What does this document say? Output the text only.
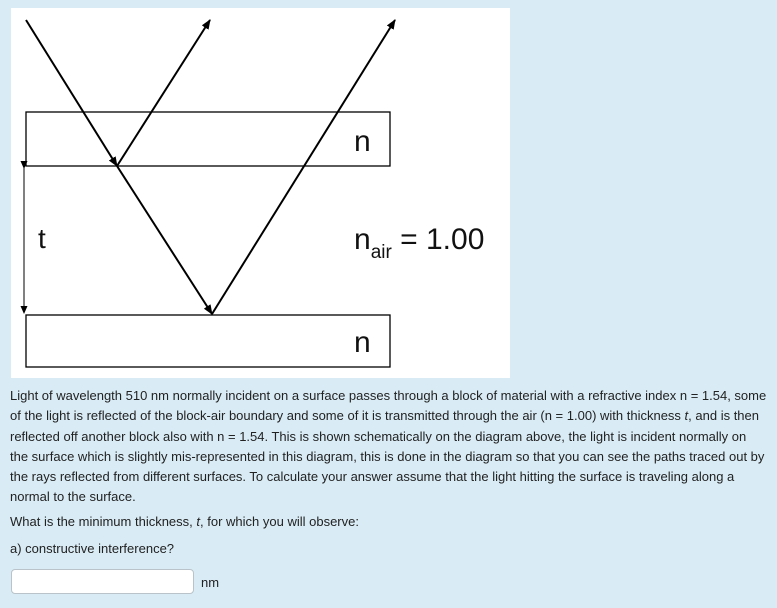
n
t	$n_{air} = 1.00$
n

Light of wavelength 510 nm normally incident on a surface passes through a block of material with a refractive index n = 1.54, some of the light is reflected of the block-air boundary and some of it is transmitted through the air (n = 1.00) with thickness t, and is then reflected off another block also with n = 1.54. This is shown schematically on the diagram above, the light is incident normally on the surface which is slightly mis-represented in this diagram, this is done in the diagram so that you can see the paths traced out by the rays reflected from different surfaces. To calculate your answer assume that the light hitting the surface is traveling along a normal to the surface.

What is the minimum thickness, t, for which you will observe:

a) constructive interference?

nm
